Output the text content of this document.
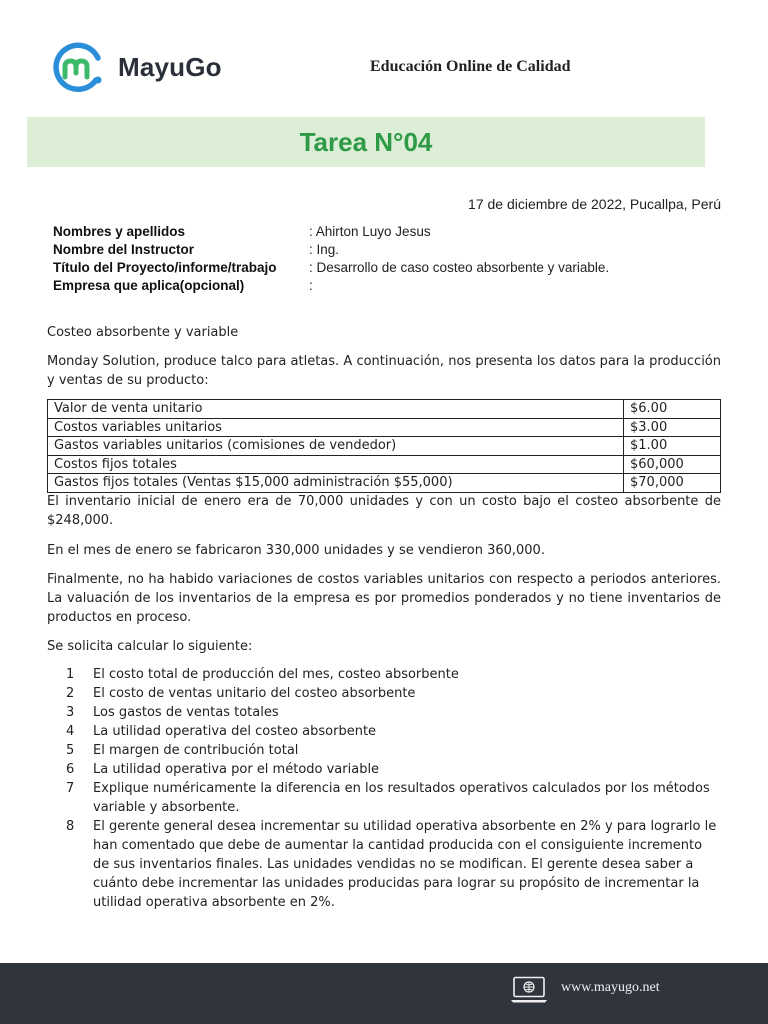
MayuGo	Educación Online de Calidad
Tarea N°04
17 de diciembre de 2022, Pucallpa, Perú
Nombres y apellidos	: Ahirton Luyo Jesus
Nombre del Instructor	: Ing.
Título del Proyecto/informe/trabajo	: Desarrollo de caso costeo absorbente y variable.
Empresa que aplica(opcional)	:
Costeo absorbente y variable
Monday Solution, produce talco para atletas. A continuación, nos presenta los datos para la producción y ventas de su producto:
Valor de venta unitario	$6.00
Costos variables unitarios	$3.00
Gastos variables unitarios (comisiones de vendedor)	$1.00
Costos fijos totales	$60,000
Gastos fijos totales (Ventas $15,000 administración $55,000)	$70,000
El inventario inicial de enero era de 70,000 unidades y con un costo bajo el costeo absorbente de $248,000.
En el mes de enero se fabricaron 330,000 unidades y se vendieron 360,000.
Finalmente, no ha habido variaciones de costos variables unitarios con respecto a periodos anteriores. La valuación de los inventarios de la empresa es por promedios ponderados y no tiene inventarios de productos en proceso.
Se solicita calcular lo siguiente:
1	El costo total de producción del mes, costeo absorbente
2	El costo de ventas unitario del costeo absorbente
3	Los gastos de ventas totales
4	La utilidad operativa del costeo absorbente
5	El margen de contribución total
6	La utilidad operativa por el método variable
7	Explique numéricamente la diferencia en los resultados operativos calculados por los métodos variable y absorbente.
8	El gerente general desea incrementar su utilidad operativa absorbente en 2% y para lograrlo le han comentado que debe de aumentar la cantidad producida con el consiguiente incremento de sus inventarios finales. Las unidades vendidas no se modifican. El gerente desea saber a cuánto debe incrementar las unidades producidas para lograr su propósito de incrementar la utilidad operativa absorbente en 2%.
www.mayugo.net
